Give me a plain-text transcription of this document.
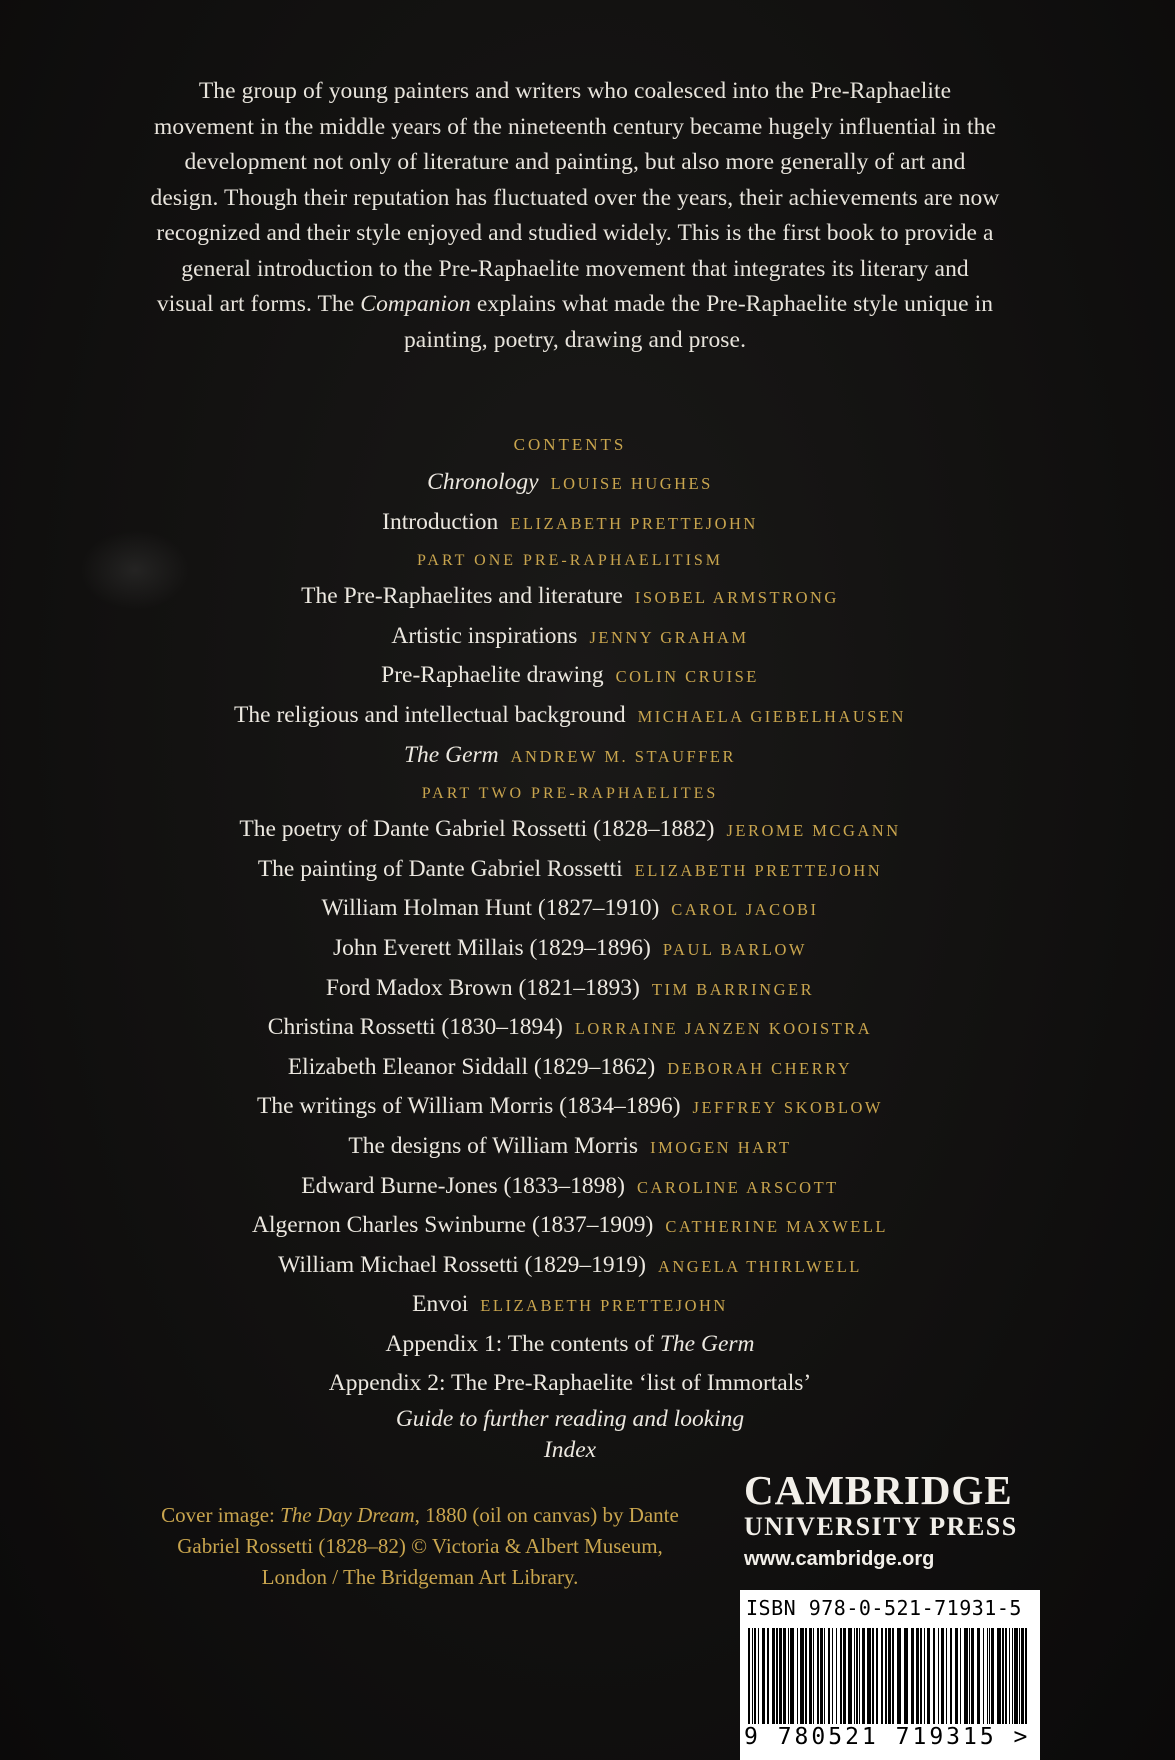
The group of young painters and writers who coalesced into the Pre-Raphaelite movement in the middle years of the nineteenth century became hugely influential in the development not only of literature and painting, but also more generally of art and design. Though their reputation has fluctuated over the years, their achievements are now recognized and their style enjoyed and studied widely. This is the first book to provide a general introduction to the Pre-Raphaelite movement that integrates its literary and visual art forms. The Companion explains what made the Pre-Raphaelite style unique in painting, poetry, drawing and prose.

CONTENTS
Chronology LOUISE HUGHES
Introduction ELIZABETH PRETTEJOHN
PART ONE PRE-RAPHAELITISM
The Pre-Raphaelites and literature ISOBEL ARMSTRONG
Artistic inspirations JENNY GRAHAM
Pre-Raphaelite drawing COLIN CRUISE
The religious and intellectual background MICHAELA GIEBELHAUSEN
The Germ ANDREW M. STAUFFER
PART TWO PRE-RAPHAELITES
The poetry of Dante Gabriel Rossetti (1828–1882) JEROME MCGANN
The painting of Dante Gabriel Rossetti ELIZABETH PRETTEJOHN
William Holman Hunt (1827–1910) CAROL JACOBI
John Everett Millais (1829–1896) PAUL BARLOW
Ford Madox Brown (1821–1893) TIM BARRINGER
Christina Rossetti (1830–1894) LORRAINE JANZEN KOOISTRA
Elizabeth Eleanor Siddall (1829–1862) DEBORAH CHERRY
The writings of William Morris (1834–1896) JEFFREY SKOBLOW
The designs of William Morris IMOGEN HART
Edward Burne-Jones (1833–1898) CAROLINE ARSCOTT
Algernon Charles Swinburne (1837–1909) CATHERINE MAXWELL
William Michael Rossetti (1829–1919) ANGELA THIRLWELL
Envoi ELIZABETH PRETTEJOHN
Appendix 1: The contents of The Germ
Appendix 2: The Pre-Raphaelite ‘list of Immortals’
Guide to further reading and looking
Index
Cover image: The Day Dream, 1880 (oil on canvas) by Dante Gabriel Rossetti (1828–82) © Victoria & Albert Museum, London / The Bridgeman Art Library.
CAMBRIDGE
UNIVERSITY PRESS
www.cambridge.org
ISBN 978-0-521-71931-5
9 780521 719315 >
